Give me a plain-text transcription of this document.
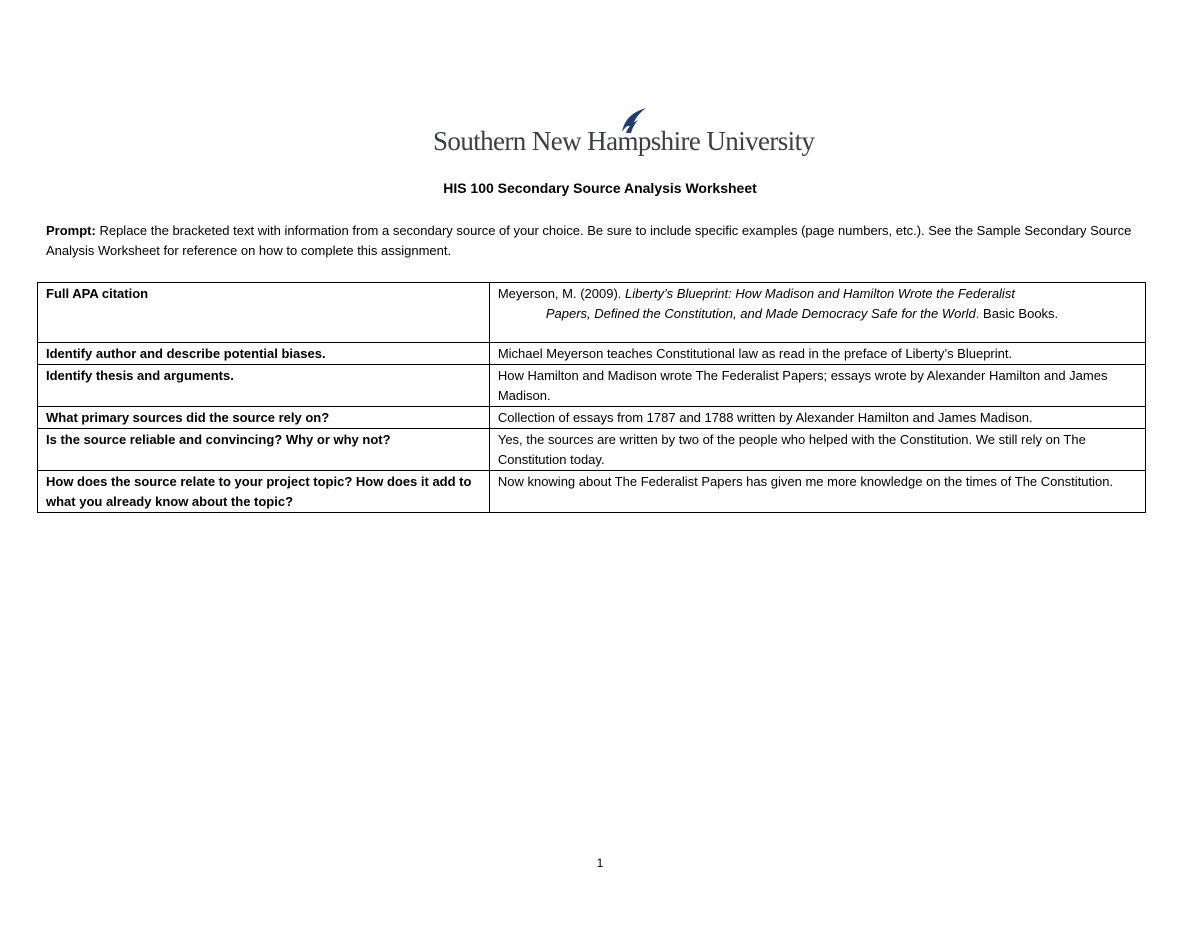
Southern New Hampshire University
HIS 100 Secondary Source Analysis Worksheet
Prompt: Replace the bracketed text with information from a secondary source of your choice. Be sure to include specific examples (page numbers, etc.). See the Sample Secondary Source Analysis Worksheet for reference on how to complete this assignment.
Full APA citation	Meyerson, M. (2009). Liberty’s Blueprint: How Madison and Hamilton Wrote the Federalist
Papers, Defined the Constitution, and Made Democracy Safe for the World. Basic Books.

Identify author and describe potential biases.	Michael Meyerson teaches Constitutional law as read in the preface of Liberty’s Blueprint.
Identify thesis and arguments.	How Hamilton and Madison wrote The Federalist Papers; essays wrote by Alexander Hamilton and James Madison.
What primary sources did the source rely on?	Collection of essays from 1787 and 1788 written by Alexander Hamilton and James Madison.
Is the source reliable and convincing? Why or why not?	Yes, the sources are written by two of the people who helped with the Constitution. We still rely on The Constitution today.
How does the source relate to your project topic? How does it add to what you already know about the topic?	Now knowing about The Federalist Papers has given me more knowledge on the times of The Constitution.
1
